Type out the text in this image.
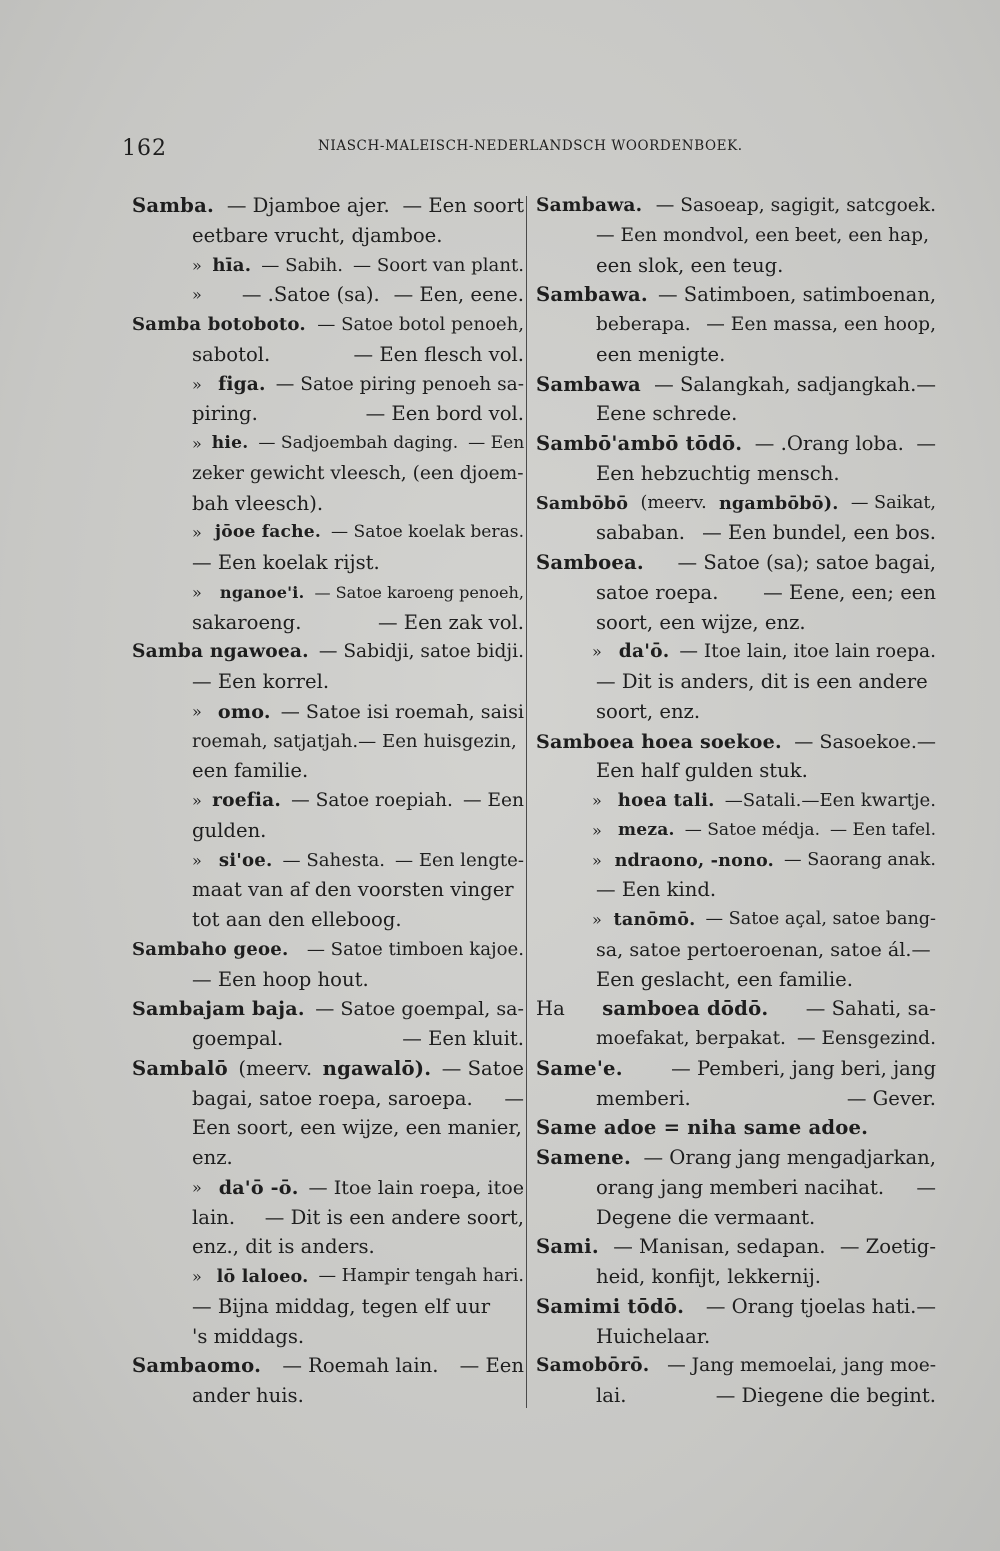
162	NIASCH-MALEISCH-NEDERLANDSCH WOORDENBOEK.
Samba. — Djamboe ajer. — Een soort
eetbare vrucht, djamboe.
» hīa. — Sabih. — Soort van plant.
»	— .Satoe (sa). — Een, eene.
Samba botoboto. — Satoe botol penoeh,
sabotol.	— Een flesch vol.
» figa. — Satoe piring penoeh sa-
piring.	— Een bord vol.
» hie. — Sadjoembah daging. — Een
zeker gewicht vleesch, (een djoem-
bah vleesch).
» jōoe fache. — Satoe koelak beras.
— Een koelak rijst.
»	nganoe'i. — Satoe karoeng penoeh,
sakaroeng.	— Een zak vol.
Samba ngawoea. — Sabidji, satoe bidji.
— Een korrel.
» omo. — Satoe isi roemah, saisi
roemah, satjatjah.— Een huisgezin,
een familie.
» roefia. — Satoe roepiah. — Een
gulden.
» si'oe. — Sahesta. — Een lengte-
maat van af den voorsten vinger
tot aan den elleboog.
Sambaho geoe. — Satoe timboen kajoe.
— Een hoop hout.
Sambajam baja. — Satoe goempal, sa-
goempal.	— Een kluit.
Sambalō (meerv. ngawalō). — Satoe
bagai, satoe roepa, saroepa. —
Een soort, een wijze, een manier,
enz.
» da'ō -ō. — Itoe lain roepa, itoe
lain. — Dit is een andere soort,
enz., dit is anders.
» lō laloeo. — Hampir tengah hari.
— Bijna middag, tegen elf uur
's middags.
Sambaomo. — Roemah lain. — Een
ander huis.
Sambawa. — Sasoeap, sagigit, satcgoek.
— Een mondvol, een beet, een hap,
een slok, een teug.
Sambawa. — Satimboen, satimboenan,
beberapa. — Een massa, een hoop,
een menigte.
Sambawa — Salangkah, sadjangkah.—
Eene schrede.
Sambō'ambō tōdō. — .Orang loba. —
Een hebzuchtig mensch.
Sambōbō (meerv. ngambōbō). — Saikat,
sababan. — Een bundel, een bos.
Samboea. — Satoe (sa); satoe bagai,
satoe roepa. — Eene, een; een
soort, een wijze, enz.
» da'ō. — Itoe lain, itoe lain roepa.
— Dit is anders, dit is een andere
soort, enz.
Samboea hoea soekoe. — Sasoekoe.—
Een half gulden stuk.
» hoea tali. —Satali.—Een kwartje.
» meza. — Satoe médja. — Een tafel.
» ndraono, -nono. — Saorang anak.
— Een kind.
» tanōmō. — Satoe açal, satoe bang-
sa, satoe pertoeroenan, satoe ál.—
Een geslacht, een familie.
Ha samboea dōdō. — Sahati, sa-
moefakat, berpakat. — Eensgezind.
Same'e. — Pemberi, jang beri, jang
memberi.	— Gever.
Same adoe = niha same adoe.
Samene. — Orang jang mengadjarkan,
orang jang memberi nacihat. —
Degene die vermaant.
Sami. — Manisan, sedapan. — Zoetig-
heid, konfijt, lekkernij.
Samimi tōdō. — Orang tjoelas hati.—
Huichelaar.
Samobōrō. — Jang memoelai, jang moe-
lai.	— Diegene die begint.
